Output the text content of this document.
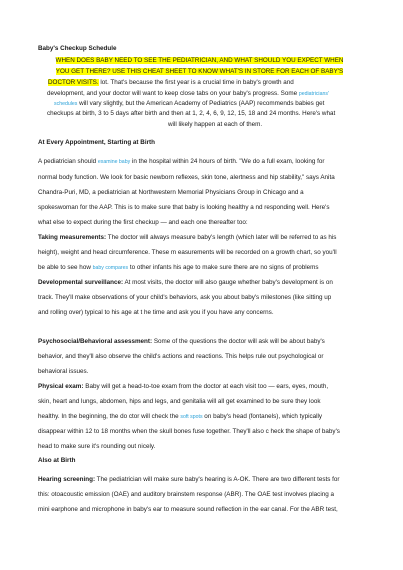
Baby's Checkup Schedule
WHEN DOES BABY NEED TO SEE THE PEDIATRICIAN, AND WHAT SHOULD YOU EXPECT WHEN
YOU GET THERE? USE THIS CHEAT SHEET TO KNOW WHAT'S IN STORE FOR EACH OF BABY'S
DOCTOR VISITS. lot. That's because the first year is a crucial time in baby's growth and
development, and your doctor will want to keep close tabs on your baby's progress. Some pediatricians'
schedules will vary slightly, but the American Academy of Pediatrics (AAP) recommends babies get
checkups at birth, 3 to 5 days after birth and then at 1, 2, 4, 6, 9, 12, 15, 18 and 24 months. Here's what
will likely happen at each of them.
At Every Appointment, Starting at Birth
A pediatrician should examine baby in the hospital within 24 hours of birth. "We do a full exam, looking for
normal body function. We look for basic newborn reflexes, skin tone, alertness and hip stability," says Anita
Chandra-Puri, MD, a pediatrician at Northwestern Memorial Physicians Group in Chicago and a
spokeswoman for the AAP. This is to make sure that baby is looking healthy a nd responding well. Here's
what else to expect during the first checkup — and each one thereafter too:
Taking measurements: The doctor will always measure baby's length (which later will be referred to as his
height), weight and head circumference. These m easurements will be recorded on a growth chart, so you'll
be able to see how baby compares to other infants his age to make sure there are no signs of problems
Developmental surveillance: At most visits, the doctor will also gauge whether baby's development is on
track. They'll make observations of your child's behaviors, ask you about baby's milestones (like sitting up
and rolling over) typical to his age at t he time and ask you if you have any concerns.
Psychosocial/Behavioral assessment: Some of the questions the doctor will ask will be about baby's
behavior, and they'll also observe the child's actions and reactions. This helps rule out psychological or
behavioral issues.
Physical exam: Baby will get a head-to-toe exam from the doctor at each visit too — ears, eyes, mouth,
skin, heart and lungs, abdomen, hips and legs, and genitalia will all get examined to be sure they look
healthy. In the beginning, the do ctor will check the soft spots on baby's head (fontanels), which typically
disappear within 12 to 18 months when the skull bones fuse together. They'll also c heck the shape of baby's
head to make sure it's rounding out nicely.
Also at Birth
Hearing screening: The pediatrician will make sure baby's hearing is A-OK. There are two different tests for
this: otoacoustic emission (OAE) and auditory brainstem response (ABR). The OAE test involves placing a
mini earphone and microphone in baby's ear to measure sound reflection in the ear canal. For the ABR test,
